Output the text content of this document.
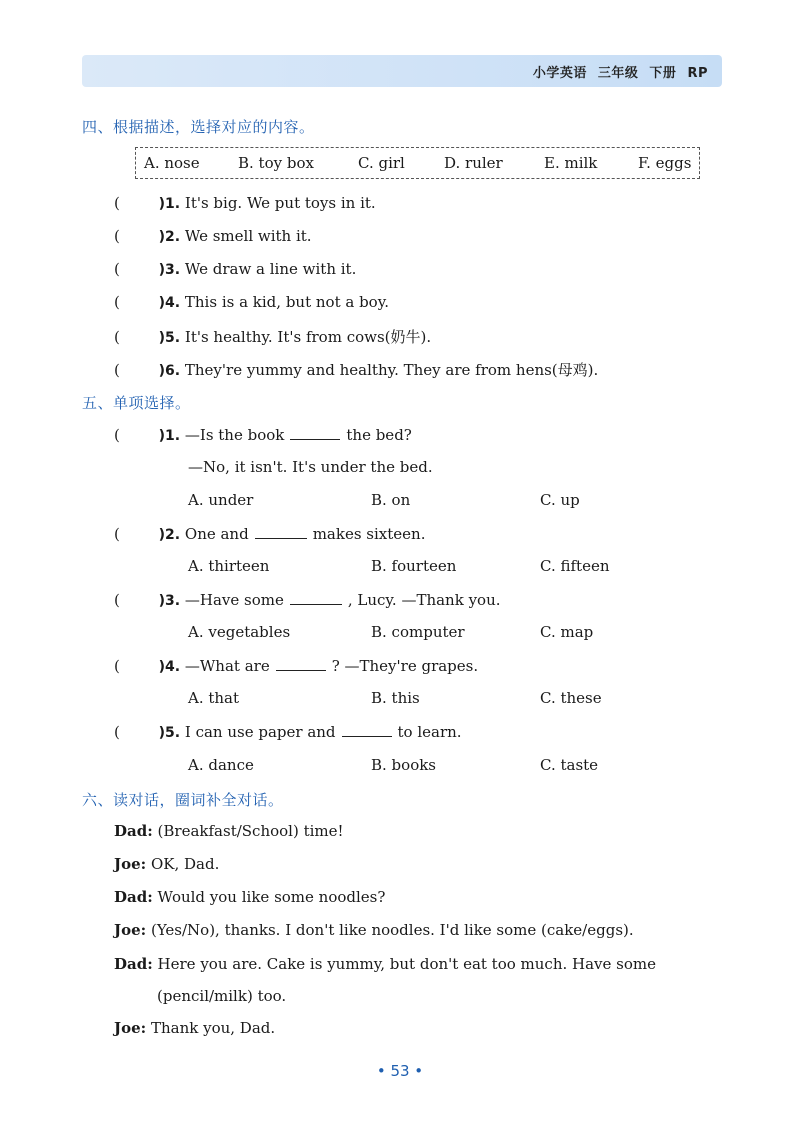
小学英语 三年级 下册 RP
四、根据描述，选择对应的内容。
A. nose	B. toy box	C. girl	D. ruler	E. milk	F. eggs
(	)1. It's big. We put toys in it.
(	)2. We smell with it.
(	)3. We draw a line with it.
(	)4. This is a kid, but not a boy.
(	)5. It's healthy. It's from cows(奶牛).
(	)6. They're yummy and healthy. They are from hens(母鸡).
五、单项选择。
(	)1. —Is the book	the bed?
—No, it isn't. It's under the bed.
A. under	B. on	C. up
(	)2. One and	makes sixteen.
A. thirteen	B. fourteen	C. fifteen
(	)3. —Have some	, Lucy. —Thank you.
A. vegetables	B. computer	C. map
(	)4. —What are	? —They're grapes.
A. that	B. this	C. these
(	)5. I can use paper and	to learn.
A. dance	B. books	C. taste
六、读对话，圈词补全对话。
Dad: (Breakfast/School) time!
Joe: OK, Dad.
Dad: Would you like some noodles?
Joe: (Yes/No), thanks. I don't like noodles. I'd like some (cake/eggs).
Dad: Here you are. Cake is yummy, but don't eat too much. Have some
(pencil/milk) too.
Joe: Thank you, Dad.
• 53 •
